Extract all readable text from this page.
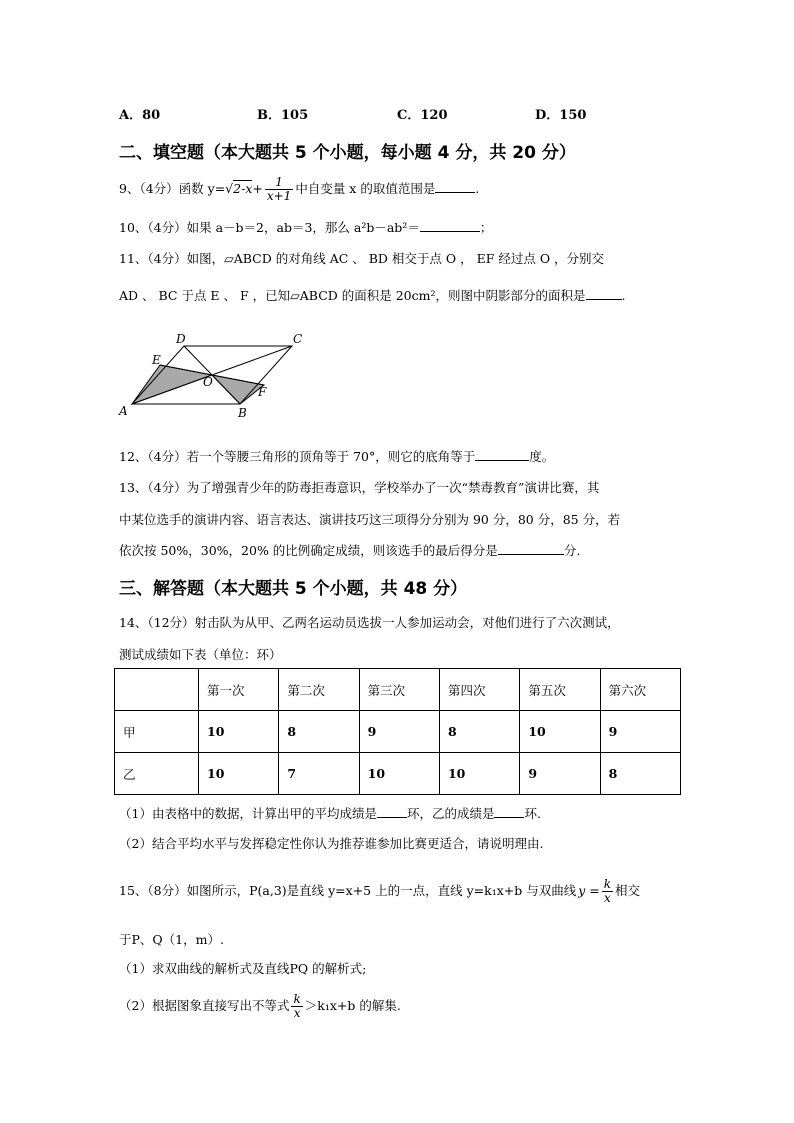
A．80	B．105	C．120	D．150
二、填空题（本大题共 5 个小题，每小题 4 分，共 20 分）
9、（4分）函数 $y=√2-x+ \frac{1}{x+1}$ 中自变量 x 的取值范围是	.
10、（4分）如果 a－b＝2，ab＝3，那么 a²b－ab²＝	；
11、（4分）如图，▱ABCD 的对角线 AC 、 BD 相交于点 O ， EF 经过点 O ，分别交
AD 、 BC 于点 E 、 F ，已知▱ABCD 的面积是 20cm²，则图中阴影部分的面积是	.
A	B
C
D
E
F
O
12、（4分）若一个等腰三角形的顶角等于 70°，则它的底角等于	度。
13、（4分）为了增强青少年的防毒拒毒意识，学校举办了一次“禁毒教育”演讲比赛，其
中某位选手的演讲内容、语言表达、演讲技巧这三项得分分别为 90 分，80 分，85 分，若
依次按 50%，30%，20% 的比例确定成绩，则该选手的最后得分是	分.
三、解答题（本大题共 5 个小题，共 48 分）
14、（12分）射击队为从甲、乙两名运动员选拔一人参加运动会，对他们进行了六次测试，
测试成绩如下表（单位：环）
	第一次	第二次	第三次	第四次	第五次	第六次
甲	10	8	9	8	10	9
乙	10	7	10	10	9	8
（1）由表格中的数据，计算出甲的平均成绩是 环，乙的成绩是 环.
（2）结合平均水平与发挥稳定性你认为推荐谁参加比赛更适合，请说明理由.
15、（8分）如图所示，P(a,3)是直线 y=x+5 上的一点，直线 y=k₁x+b 与双曲线 $y = \frac{k}{x}$ 相交
于P、Q（1，m）.
（1）求双曲线的解析式及直线PQ 的解析式;
（2）根据图象直接写出不等式 $\frac{k}{x} >k_1x+b$ 的解集.
